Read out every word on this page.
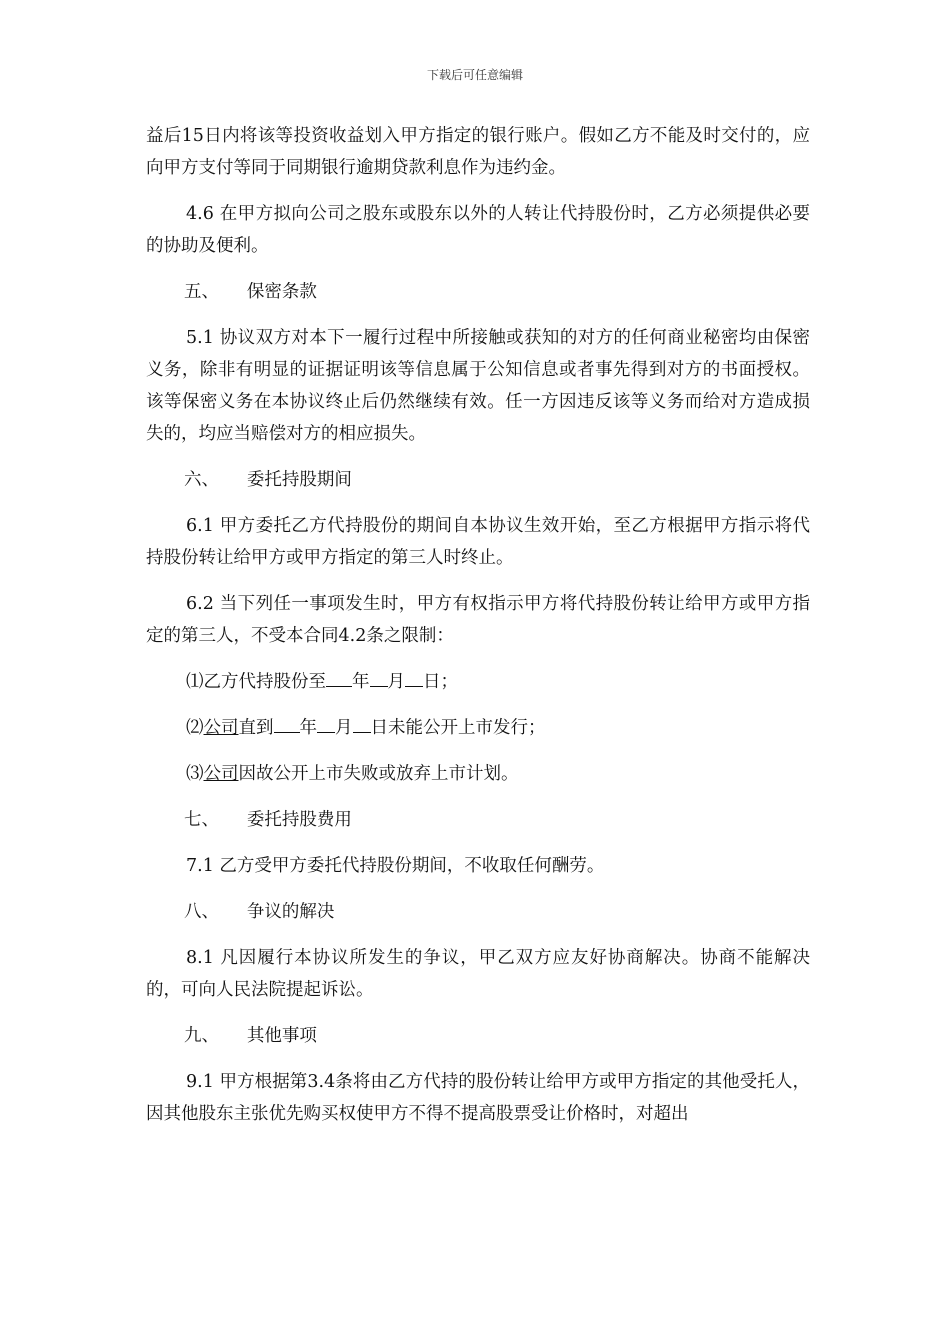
下载后可任意编辑

益后15日内将该等投资收益划入甲方指定的银行账户。假如乙方不能及时交付的，应向甲方支付等同于同期银行逾期贷款利息作为违约金。

4.6 在甲方拟向公司之股东或股东以外的人转让代持股份时，乙方必须提供必要的协助及便利。

五、     保密条款

5.1 协议双方对本下一履行过程中所接触或获知的对方的任何商业秘密均由保密义务，除非有明显的证据证明该等信息属于公知信息或者事先得到对方的书面授权。该等保密义务在本协议终止后仍然继续有效。任一方因违反该等义务而给对方造成损失的，均应当赔偿对方的相应损失。

六、     委托持股期间

6.1 甲方委托乙方代持股份的期间自本协议生效开始，至乙方根据甲方指示将代持股份转让给甲方或甲方指定的第三人时终止。

6.2 当下列任一事项发生时，甲方有权指示甲方将代持股份转让给甲方或甲方指定的第三人，不受本合同4.2条之限制：

⑴乙方代持股份至 年 月 日；

⑵公司直到 年 月 日未能公开上市发行；

⑶公司因故公开上市失败或放弃上市计划。

七、     委托持股费用

7.1 乙方受甲方委托代持股份期间，不收取任何酬劳。

八、     争议的解决

8.1 凡因履行本协议所发生的争议，甲乙双方应友好协商解决。协商不能解决的，可向人民法院提起诉讼。

九、     其他事项

9.1 甲方根据第3.4条将由乙方代持的股份转让给甲方或甲方指定的其他受托人，因其他股东主张优先购买权使甲方不得不提高股票受让价格时，对超出
